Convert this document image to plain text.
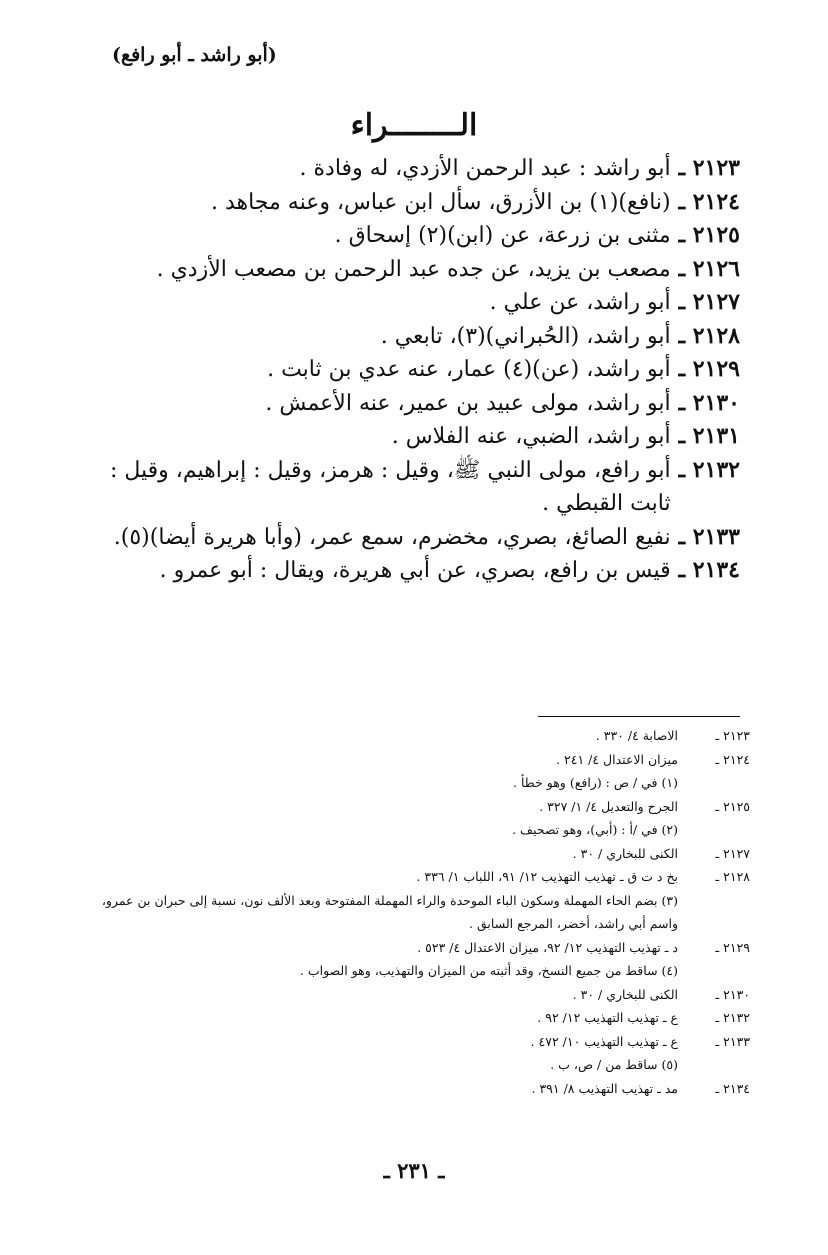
(أبو راشد ـ أبو رافع)
الــــــــراء
٢١٢٣ ـ
أبو راشد : عبد الرحمن الأزدي، له وفادة .
٢١٢٤ ـ
(نافع)(١) بن الأزرق، سأل ابن عباس، وعنه مجاهد .
٢١٢٥ ـ
مثنى بن زرعة، عن (ابن)(٢) إسحاق .
٢١٢٦ ـ
مصعب بن يزيد، عن جده عبد الرحمن بن مصعب الأزدي .
٢١٢٧ ـ
أبو راشد، عن علي .
٢١٢٨ ـ
أبو راشد، (الحُبراني)(٣)، تابعي .
٢١٢٩ ـ
أبو راشد، (عن)(٤) عمار، عنه عدي بن ثابت .
٢١٣٠ ـ
أبو راشد، مولى عبيد بن عمير، عنه الأعمش .
٢١٣١ ـ
أبو راشد، الضبي، عنه الفلاس .
٢١٣٢ ـ
أبو رافع، مولى النبي ﷺ، وقيل : هرمز، وقيل : إبراهيم، وقيل : ثابت القبطي .
٢١٣٣ ـ
نفيع الصائغ، بصري، مخضرم، سمع عمر، (وأبا هريرة أيضا)(٥).
٢١٣٤ ـ
قيس بن رافع، بصري، عن أبي هريرة، ويقال : أبو عمرو .
٢١٢٣ ـ
الاصابة ٤/ ٣٣٠ .
٢١٢٤ ـ
ميزان الاعتدال ٤/ ٢٤١ .
(١) في / ص : (رافع) وهو خطأ .
٢١٢٥ ـ
الجرح والتعديل ٤/ ١/ ٣٢٧ .
(٢) في /أ : (أبي)، وهو تصحيف .
٢١٢٧ ـ
الكنى للبخاري / ٣٠ .
٢١٢٨ ـ
بخ د ت ق ـ تهذيب التهذيب ١٢/ ٩١، اللباب ١/ ٣٣٦ .
(٣) بضم الحاء المهملة وسكون الباء الموحدة والراء المهملة المفتوحة وبعد الألف نون، نسبة إلى حبران بن عمرو، واسم أبي راشد، أخضر، المرجع السابق .
٢١٢٩ ـ
د ـ تهذيب التهذيب ١٢/ ٩٢، ميزان الاعتدال ٤/ ٥٢٣ .
(٤) ساقط من جميع النسخ، وقد أثبته من الميزان والتهذيب، وهو الصواب .
٢١٣٠ ـ
الكنى للبخاري / ٣٠ .
٢١٣٢ ـ
ع ـ تهذيب التهذيب ١٢/ ٩٢ .
٢١٣٣ ـ
ع ـ تهذيب التهذيب ١٠/ ٤٧٢ .
(٥) ساقط من / ص، ب .
٢١٣٤ ـ
مد ـ تهذيب التهذيب ٨/ ٣٩١ .
ـ ٢٣١ ـ
